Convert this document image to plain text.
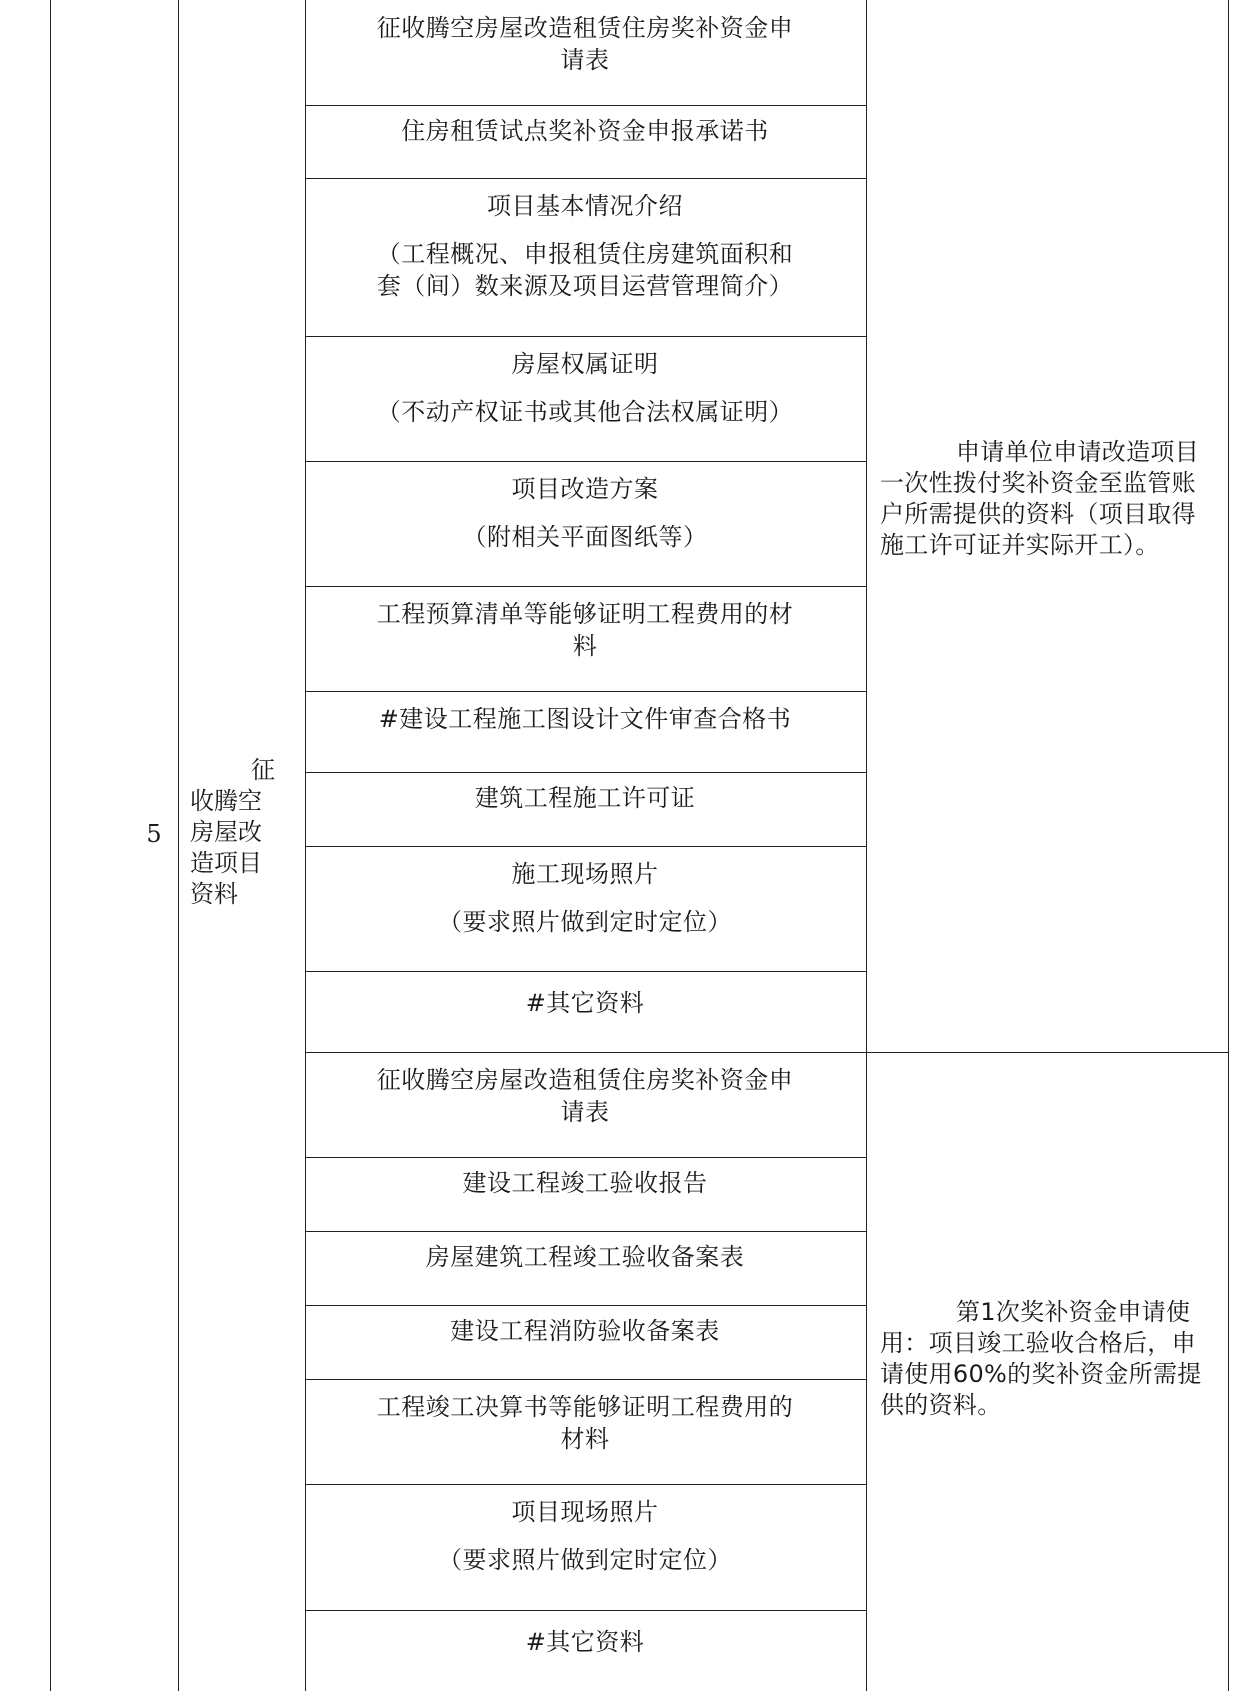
5
征
收腾空
房屋改
造项目
资料
征收腾空房屋改造租赁住房奖补资金申
请表
住房租赁试点奖补资金申报承诺书
项目基本情况介绍
（工程概况、申报租赁住房建筑面积和
套（间）数来源及项目运营管理简介）
房屋权属证明
（不动产权证书或其他合法权属证明）
项目改造方案
（附相关平面图纸等）
工程预算清单等能够证明工程费用的材
料
#建设工程施工图设计文件审查合格书
建筑工程施工许可证
施工现场照片
（要求照片做到定时定位）
#其它资料
申请单位申请改造项目一次性拨付奖补资金至监管账户所需提供的资料（项目取得施工许可证并实际开工）。
征收腾空房屋改造租赁住房奖补资金申
请表
建设工程竣工验收报告
房屋建筑工程竣工验收备案表
建设工程消防验收备案表
工程竣工决算书等能够证明工程费用的
材料
项目现场照片
（要求照片做到定时定位）
#其它资料
第1次奖补资金申请使用：项目竣工验收合格后，申请使用60%的奖补资金所需提供的资料。
